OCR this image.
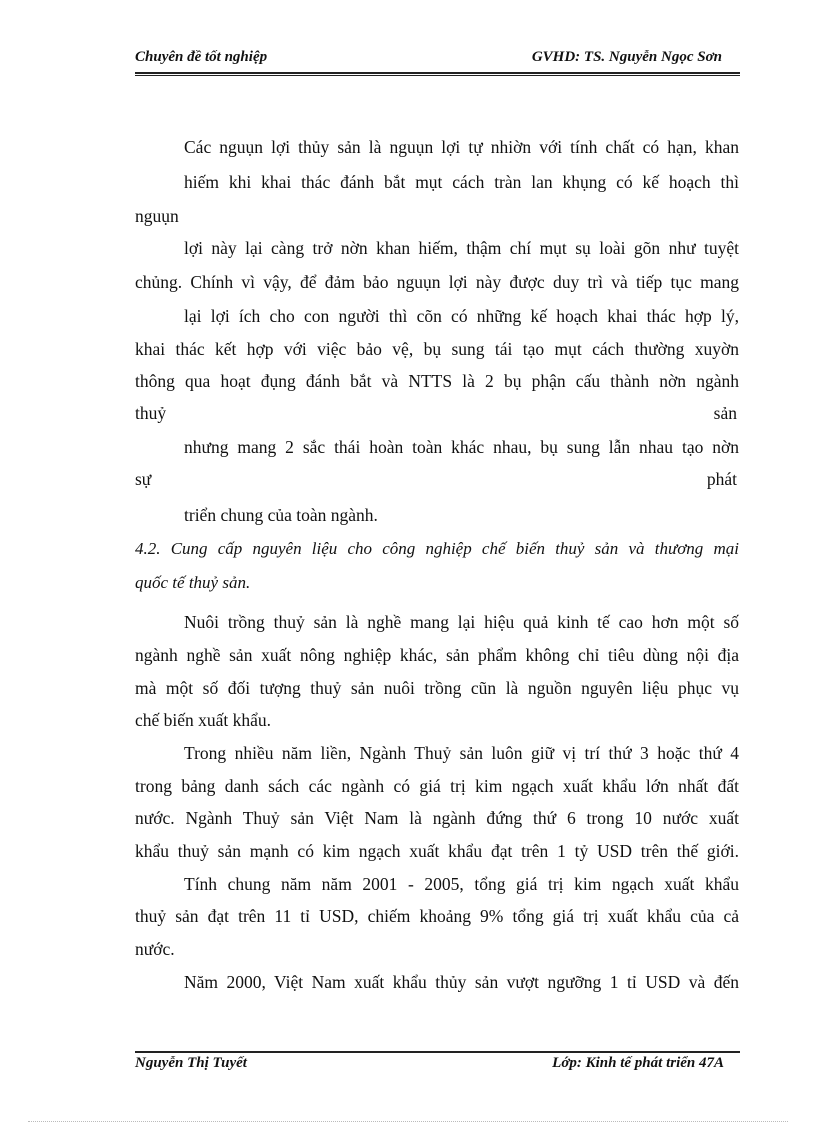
Chuyên đề tốt nghiệp	GVHD: TS. Nguyễn Ngọc Sơn
Các nguụn lợi thủy sản là nguụn lợi tự nhiờn với tính chất có hạn, khan
hiếm khi khai thác đánh bắt mụt cách tràn lan khụng có kế hoạch thì
nguụn
lợi này lại càng trở nờn khan hiếm, thậm chí mụt sụ loài gõn như tuyệt
chủng. Chính vì vậy, để đảm bảo nguụn lợi này được duy trì và tiếp tục mang
lại lợi ích cho con người thì cõn có những kế hoạch khai thác hợp lý,
khai thác kết hợp với việc bảo vệ, bụ sung tái tạo mụt cách thường xuyờn
thông qua hoạt đụng đánh bắt và NTTS là 2 bụ phận cấu thành nờn ngành
thuỷ	sản
nhưng mang 2 sắc thái hoàn toàn khác nhau, bụ sung lẫn nhau tạo nờn
sự	phát
triển chung của toàn ngành.
4.2. Cung cấp nguyên liệu cho công nghiệp chế biến thuỷ sản và thương mại
quốc tế thuỷ sản.
Nuôi trồng thuỷ sản là nghề mang lại hiệu quả kinh tế cao hơn một số
ngành nghề sản xuất nông nghiệp khác, sản phẩm không chỉ tiêu dùng nội địa
mà một số đối tượng thuỷ sản nuôi trồng cũn là nguồn nguyên liệu phục vụ
chế biến xuất khẩu.
Trong nhiều năm liền, Ngành Thuỷ sản luôn giữ vị trí thứ 3 hoặc thứ 4
trong bảng danh sách các ngành có giá trị kim ngạch xuất khẩu lớn nhất đất
nước. Ngành Thuỷ sản Việt Nam là ngành đứng thứ 6 trong 10 nước xuất
khẩu thuỷ sản mạnh có kim ngạch xuất khẩu đạt trên 1 tỷ USD trên thế giới.
Tính chung năm năm 2001 - 2005, tổng giá trị kim ngạch xuất khẩu
thuỷ sản đạt trên 11 tỉ USD, chiếm khoảng 9% tổng giá trị xuất khẩu của cả
nước.
Năm 2000, Việt Nam xuất khẩu thủy sản vượt ngưỡng 1 tỉ USD và đến
Nguyễn Thị Tuyết	Lớp: Kinh tế phát triển 47A
